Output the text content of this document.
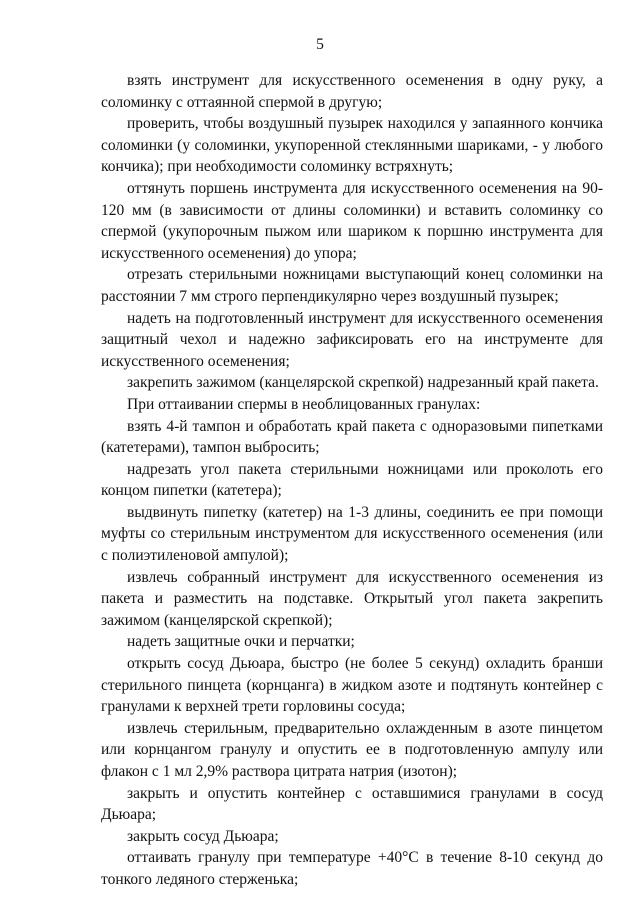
5

взять инструмент для искусственного осеменения в одну руку, а соломинку с оттаянной спермой в другую;

проверить, чтобы воздушный пузырек находился у запаянного кончика соломинки (у соломинки, укупоренной стеклянными шариками, - у любого кончика); при необходимости соломинку встряхнуть;

оттянуть поршень инструмента для искусственного осеменения на 90-120 мм (в зависимости от длины соломинки) и вставить соломинку со спермой (укупорочным пыжом или шариком к поршню инструмента для искусственного осеменения) до упора;

отрезать стерильными ножницами выступающий конец соломинки на расстоянии 7 мм строго перпендикулярно через воздушный пузырек;

надеть на подготовленный инструмент для искусственного осеменения защитный чехол и надежно зафиксировать его на инструменте для искусственного осеменения;

закрепить зажимом (канцелярской скрепкой) надрезанный край пакета.

При оттаивании спермы в необлицованных гранулах:

взять 4-й тампон и обработать край пакета с одноразовыми пипетками (катетерами), тампон выбросить;

надрезать угол пакета стерильными ножницами или проколоть его концом пипетки (катетера);

выдвинуть пипетку (катетер) на 1-3 длины, соединить ее при помощи муфты со стерильным инструментом для искусственного осеменения (или с полиэтиленовой ампулой);

извлечь собранный инструмент для искусственного осеменения из пакета и разместить на подставке. Открытый угол пакета закрепить зажимом (канцелярской скрепкой);

надеть защитные очки и перчатки;

открыть сосуд Дьюара, быстро (не более 5 секунд) охладить бранши стерильного пинцета (корнцанга) в жидком азоте и подтянуть контейнер с гранулами к верхней трети горловины сосуда;

извлечь стерильным, предварительно охлажденным в азоте пинцетом или корнцангом гранулу и опустить ее в подготовленную ампулу или флакон с 1 мл 2,9% раствора цитрата натрия (изотон);

закрыть и опустить контейнер с оставшимися гранулами в сосуд Дьюара;

закрыть сосуд Дьюара;

оттаивать гранулу при температуре +40°С в течение 8-10 секунд до тонкого ледяного стерженька;
